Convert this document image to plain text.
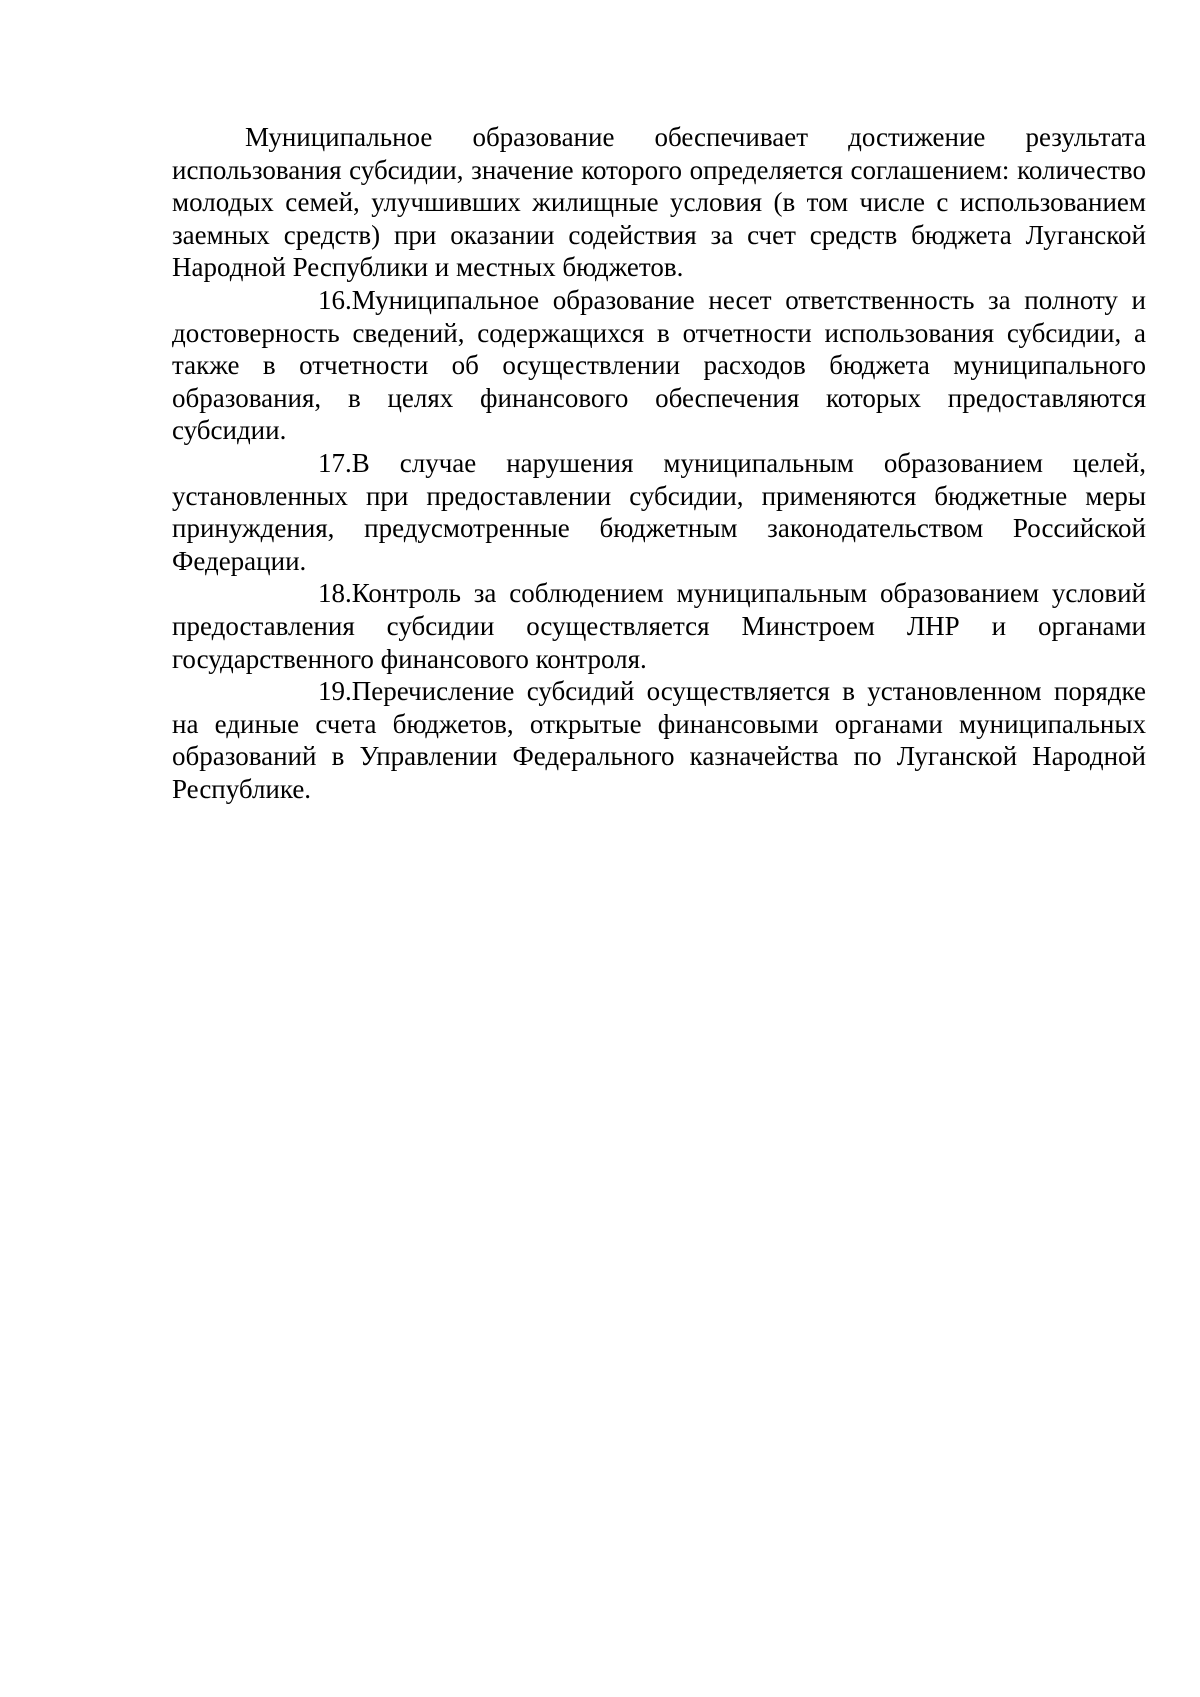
Муниципальное образование обеспечивает достижение результата использования субсидии, значение которого определяется соглашением: количество молодых семей, улучшивших жилищные условия (в том числе с использованием заемных средств) при оказании содействия за счет средств бюджета Луганской Народной Республики и местных бюджетов.

16.Муниципальное образование несет ответственность за полноту и достоверность сведений, содержащихся в отчетности использования субсидии, а также в отчетности об осуществлении расходов бюджета муниципального образования, в целях финансового обеспечения которых предоставляются субсидии.

17.В случае нарушения муниципальным образованием целей, установленных при предоставлении субсидии, применяются бюджетные меры принуждения, предусмотренные бюджетным законодательством Российской Федерации.

18.Контроль за соблюдением муниципальным образованием условий предоставления субсидии осуществляется Минстроем ЛНР и органами государственного финансового контроля.

19.Перечисление субсидий осуществляется в установленном порядке на единые счета бюджетов, открытые финансовыми органами муниципальных образований в Управлении Федерального казначейства по Луганской Народной Республике.
